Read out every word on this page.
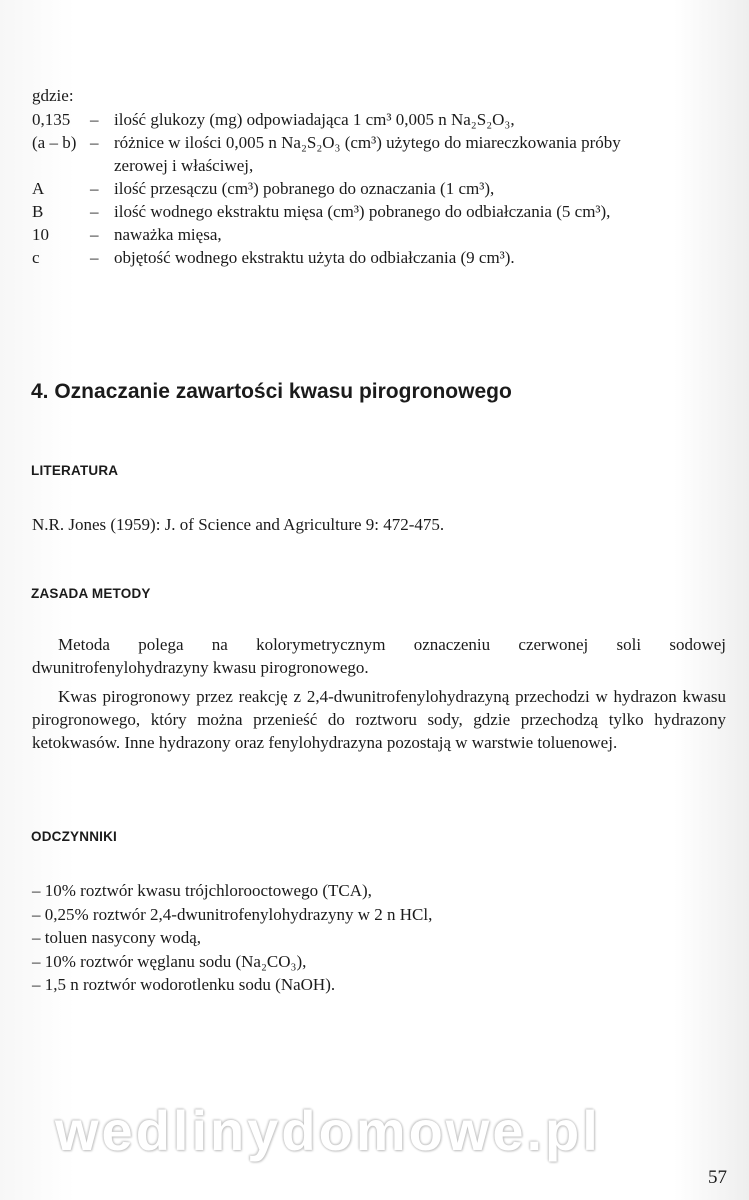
gdzie:
0,135	– ilość glukozy (mg) odpowiadająca 1 cm³ 0,005 n Na₂S₂O₃,
(a – b) – różnice w ilości 0,005 n Na₂S₂O₃ (cm³) użytego do miareczkowania próby
zerowej i właściwej,
A	– ilość przesączu (cm³) pobranego do oznaczania (1 cm³),
B	– ilość wodnego ekstraktu mięsa (cm³) pobranego do odbiałczania (5 cm³),
10	– naważka mięsa,
c	– objętość wodnego ekstraktu użyta do odbiałczania (9 cm³).
4. Oznaczanie zawartości kwasu pirogronowego
LITERATURA
N.R. Jones (1959): J. of Science and Agriculture 9: 472-475.
ZASADA METODY
Metoda polega na kolorymetrycznym oznaczeniu czerwonej soli sodowej dwunitrofenylohydrazyny kwasu pirogronowego.
Kwas pirogronowy przez reakcję z 2,4-dwunitrofenylohydrazyną przechodzi w hydrazon kwasu pirogronowego, który można przenieść do roztworu sody, gdzie przechodzą tylko hydrazony ketokwasów. Inne hydrazony oraz fenylohydrazyna pozostają w warstwie toluenowej.
ODCZYNNIKI
– 10% roztwór kwasu trójchlorooctowego (TCA),
– 0,25% roztwór 2,4-dwunitrofenylohydrazyny w 2 n HCl,
– toluen nasycony wodą,
– 10% roztwór węglanu sodu (Na₂CO₃),
– 1,5 n roztwór wodorotlenku sodu (NaOH).
wedlinydomowe.pl
57
